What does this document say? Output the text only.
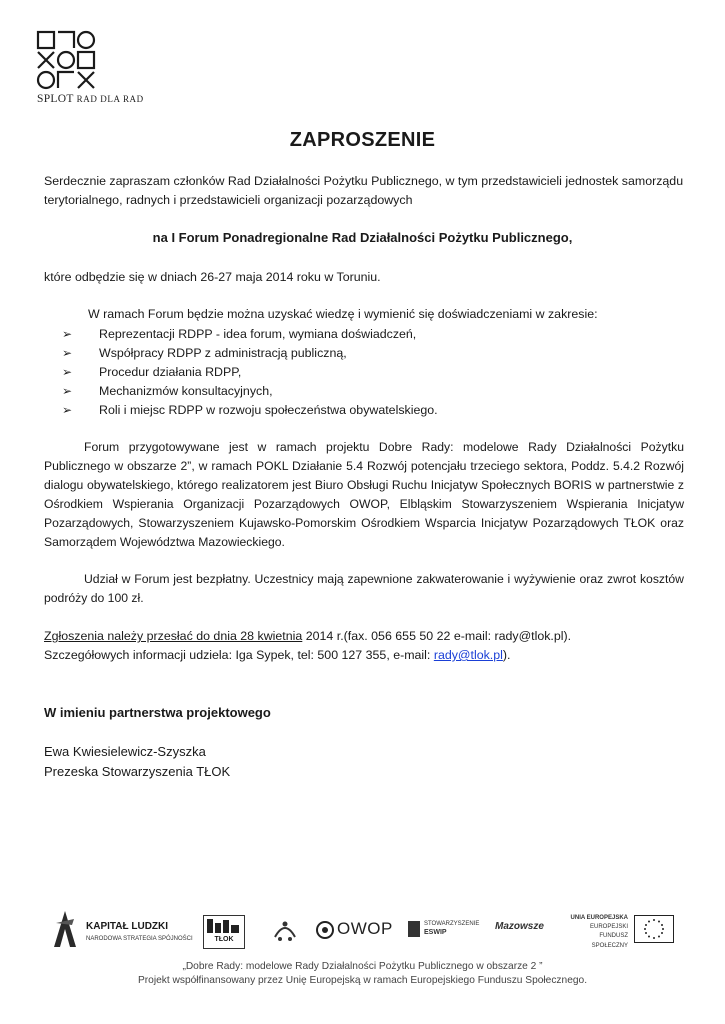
SPLOT RAD DLA RAD
ZAPROSZENIE
Serdecznie zapraszam członków Rad Działalności Pożytku Publicznego, w tym przedstawicieli jednostek samorządu
terytorialnego, radnych i przedstawicieli organizacji pozarządowych
na I Forum Ponadregionalne Rad Działalności Pożytku Publicznego,
które odbędzie się w dniach 26-27 maja 2014 roku w Toruniu.
W ramach Forum będzie można uzyskać wiedzę i wymienić się doświadczeniami w zakresie:
➢ Reprezentacji RDPP - idea forum, wymiana doświadczeń,
➢ Współpracy RDPP z administracją publiczną,
➢ Procedur działania RDPP,
➢ Mechanizmów konsultacyjnych,
➢ Roli i miejsc RDPP w rozwoju społeczeństwa obywatelskiego.
Forum przygotowywane jest w ramach projektu Dobre Rady: modelowe Rady Działalności Pożytku Publicznego w obszarze 2”, w ramach POKL Działanie 5.4 Rozwój potencjału trzeciego sektora, Poddz. 5.4.2 Rozwój dialogu obywatelskiego, którego realizatorem jest Biuro Obsługi Ruchu Inicjatyw Społecznych BORIS w partnerstwie z Ośrodkiem Wspierania Organizacji Pozarządowych OWOP, Elbląskim Stowarzyszeniem Wspierania Inicjatyw Pozarządowych, Stowarzyszeniem Kujawsko-Pomorskim Ośrodkiem Wsparcia Inicjatyw Pozarządowych TŁOK oraz Samorządem Województwa Mazowieckiego.
Udział w Forum jest bezpłatny. Uczestnicy mają zapewnione zakwaterowanie i wyżywienie oraz zwrot kosztów podróży do 100 zł.
Zgłoszenia należy przesłać do dnia 28 kwietnia 2014 r.(fax. 056 655 50 22 e-mail: rady@tlok.pl).
Szczegółowych informacji udziela: Iga Sypek, tel: 500 127 355, e-mail: rady@tlok.pl).
W imieniu partnerstwa projektowego
Ewa Kwiesielewicz-Szyszka
Prezeska Stowarzyszenia TŁOK
KAPITAŁ LUDZKI
NARODOWA STRATEGIA SPÓJNOŚCI	TŁOK
OWOP	STOWARZYSZENIE
ESWIP
Mazowsze
UNIA EUROPEJSKA
EUROPEJSKI
FUNDUSZ SPOŁECZNY
„Dobre Rady: modelowe Rady Działalności Pożytku Publicznego w obszarze 2 ”
Projekt współfinansowany przez Unię Europejską w ramach Europejskiego Funduszu Społecznego.
